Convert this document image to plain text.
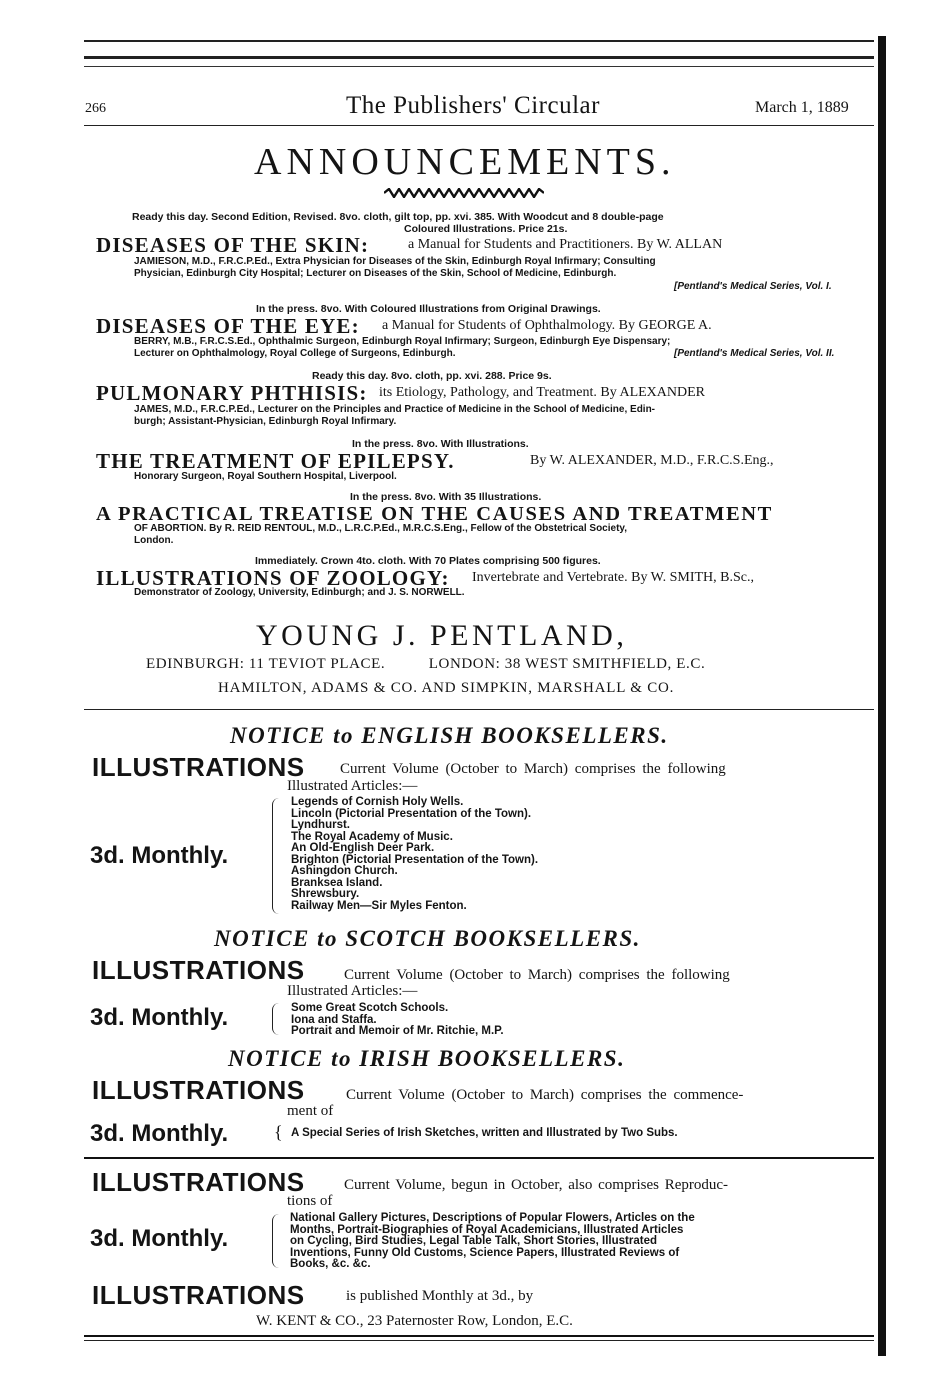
266	The Publishers' Circular	March 1, 1889
ANNOUNCEMENTS.
Ready this day. Second Edition, Revised. 8vo. cloth, gilt top, pp. xvi. 385. With Woodcut and 8 double-page
Coloured Illustrations. Price 21s.
DISEASES OF THE SKIN:	a Manual for Students and Practitioners. By W. ALLAN
JAMIESON, M.D., F.R.C.P.Ed., Extra Physician for Diseases of the Skin, Edinburgh Royal Infirmary; Consulting
Physician, Edinburgh City Hospital; Lecturer on Diseases of the Skin, School of Medicine, Edinburgh.
[Pentland's Medical Series, Vol. I.
In the press. 8vo. With Coloured Illustrations from Original Drawings.
DISEASES OF THE EYE: a Manual for Students of Ophthalmology. By GEORGE A.
BERRY, M.B., F.R.C.S.Ed., Ophthalmic Surgeon, Edinburgh Royal Infirmary; Surgeon, Edinburgh Eye Dispensary;
Lecturer on Ophthalmology, Royal College of Surgeons, Edinburgh.	[Pentland's Medical Series, Vol. II.
Ready this day. 8vo. cloth, pp. xvi. 288. Price 9s.
PULMONARY PHTHISIS: its Etiology, Pathology, and Treatment. By ALEXANDER
JAMES, M.D., F.R.C.P.Ed., Lecturer on the Principles and Practice of Medicine in the School of Medicine, Edin-
burgh; Assistant-Physician, Edinburgh Royal Infirmary.
In the press. 8vo. With Illustrations.
THE TREATMENT OF EPILEPSY.	By W. ALEXANDER, M.D., F.R.C.S.Eng.,
Honorary Surgeon, Royal Southern Hospital, Liverpool.
In the press. 8vo. With 35 Illustrations.
A PRACTICAL TREATISE ON THE CAUSES AND TREATMENT
OF ABORTION. By R. REID RENTOUL, M.D., L.R.C.P.Ed., M.R.C.S.Eng., Fellow of the Obstetrical Society,
London.
Immediately. Crown 4to. cloth. With 70 Plates comprising 500 figures.
ILLUSTRATIONS OF ZOOLOGY: Invertebrate and Vertebrate. By W. SMITH, B.Sc.,
Demonstrator of Zoology, University, Edinburgh; and J. S. NORWELL.
YOUNG J. PENTLAND,
EDINBURGH: 11 TEVIOT PLACE.          LONDON: 38 WEST SMITHFIELD, E.C.
HAMILTON, ADAMS & CO. AND SIMPKIN, MARSHALL & CO.
NOTICE to ENGLISH BOOKSELLERS.
ILLUSTRATIONS Current Volume (October to March) comprises the following
Illustrated Articles:—
3d. Monthly.
Legends of Cornish Holy Wells.
Lincoln (Pictorial Presentation of the Town).
Lyndhurst.
The Royal Academy of Music.
An Old-English Deer Park.
Brighton (Pictorial Presentation of the Town).
Ashingdon Church.
Branksea Island.
Shrewsbury.
Railway Men—Sir Myles Fenton.
NOTICE to SCOTCH BOOKSELLERS.
ILLUSTRATIONS	Current Volume (October to March) comprises the following
Illustrated Articles:—
3d. Monthly.	Some Great Scotch Schools.
Iona and Staffa.
Portrait and Memoir of Mr. Ritchie, M.P.
NOTICE to IRISH BOOKSELLERS.
ILLUSTRATIONS	Current Volume (October to March) comprises the commence-
ment of
3d. Monthly.	{ A Special Series of Irish Sketches, written and Illustrated by Two Subs.
ILLUSTRATIONS	Current Volume, begun in October, also comprises Reproduc-
tions of
3d. Monthly.
National Gallery Pictures, Descriptions of Popular Flowers, Articles on the
Months, Portrait-Biographies of Royal Academicians, Illustrated Articles
on Cycling, Bird Studies, Legal Table Talk, Short Stories, Illustrated
Inventions, Funny Old Customs, Science Papers, Illustrated Reviews of
Books, &c. &c.
ILLUSTRATIONS	is published Monthly at 3d., by
W. KENT & CO., 23 Paternoster Row, London, E.C.
